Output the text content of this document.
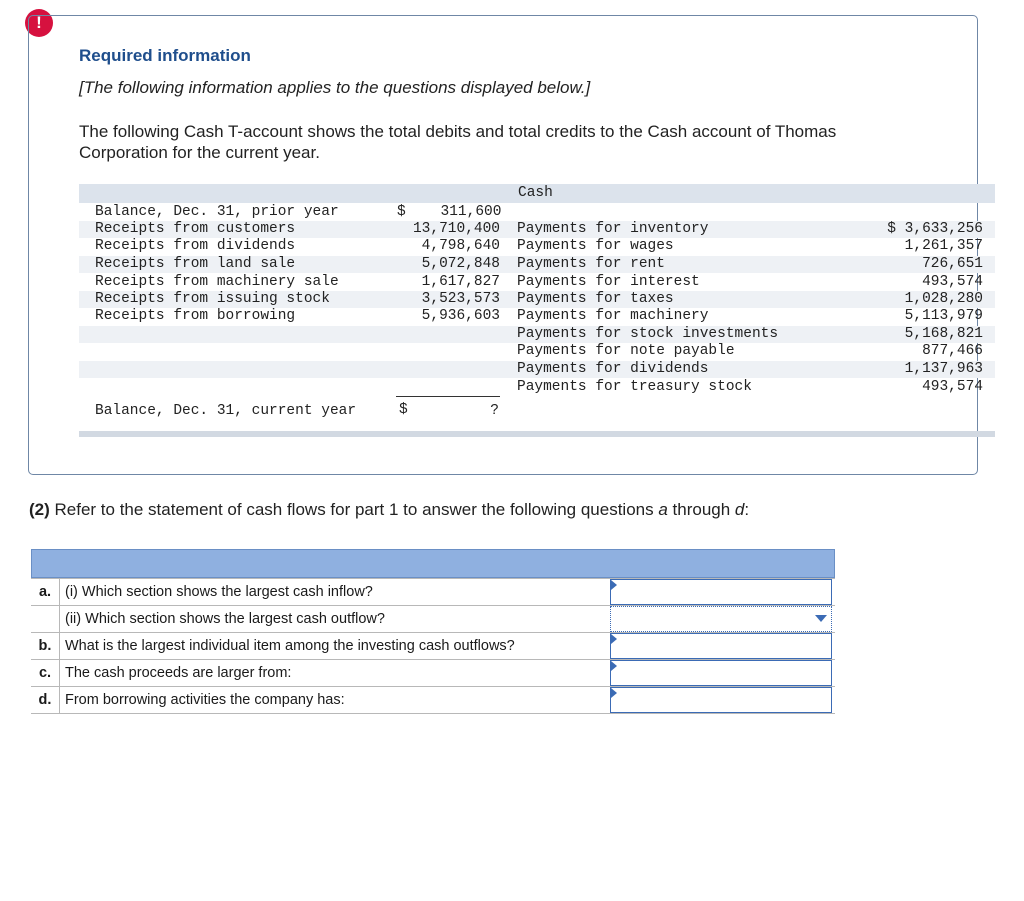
!
Required information
[The following information applies to the questions displayed below.]
The following Cash T-account shows the total debits and total credits to the Cash account of Thomas Corporation for the current year.
Cash
Balance, Dec. 31, prior year
Receipts from customers
Receipts from dividends
Receipts from land sale
Receipts from machinery sale
Receipts from issuing stock
Receipts from borrowing
$    311,600
13,710,400
4,798,640
5,072,848
1,617,827
3,523,573
5,936,603
Payments for inventory
Payments for wages
Payments for rent
Payments for interest
Payments for taxes
Payments for machinery
Payments for stock investments
Payments for note payable
Payments for dividends
Payments for treasury stock
$ 3,633,256
1,261,357
726,651
493,574
1,028,280
5,113,979
5,168,821
877,466
1,137,963
493,574
Balance, Dec. 31, current year	$	?
(2) Refer to the statement of cash flows for part 1 to answer the following questions a through d:
a. (i) Which section shows the largest cash inflow?
(ii) Which section shows the largest cash outflow?
b. What is the largest individual item among the investing cash outflows?
c. The cash proceeds are larger from:
d. From borrowing activities the company has:
